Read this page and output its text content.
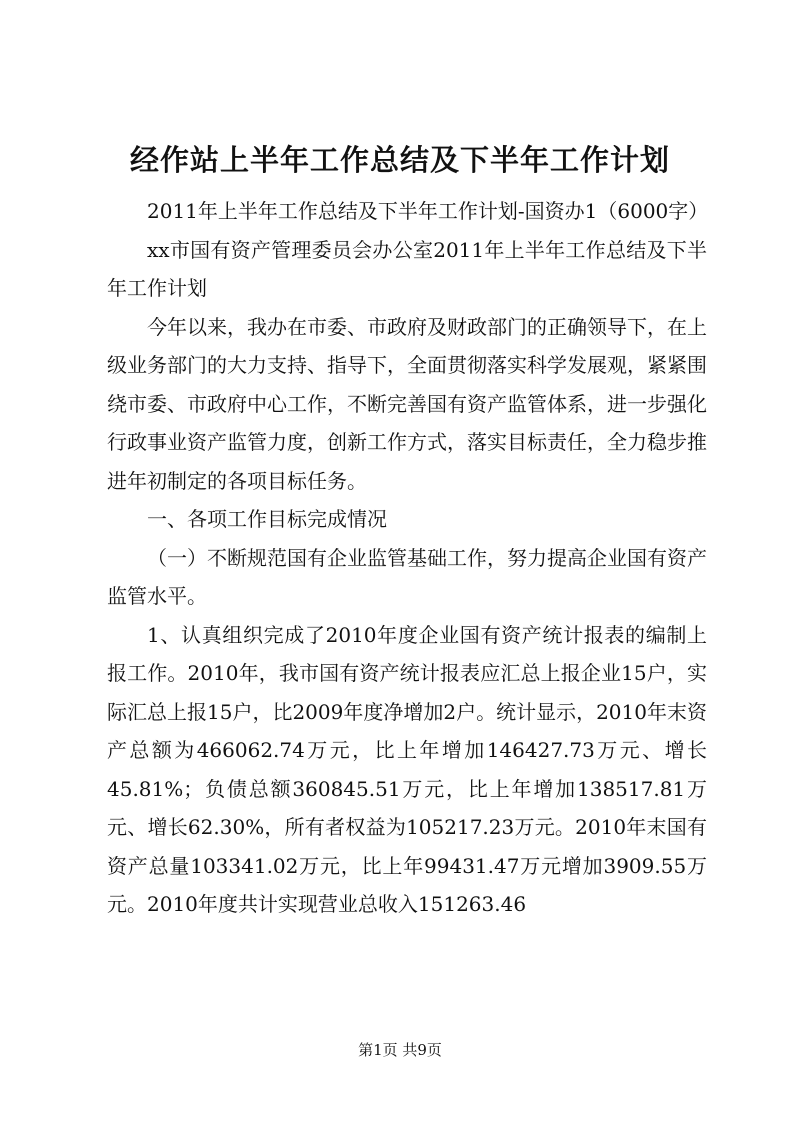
经作站上半年工作总结及下半年工作计划

2011年上半年工作总结及下半年工作计划-国资办1（6000字）

xx市国有资产管理委员会办公室2011年上半年工作总结及下半年工作计划

今年以来，我办在市委、市政府及财政部门的正确领导下，在上级业务部门的大力支持、指导下，全面贯彻落实科学发展观，紧紧围绕市委、市政府中心工作，不断完善国有资产监管体系，进一步强化行政事业资产监管力度，创新工作方式，落实目标责任，全力稳步推进年初制定的各项目标任务。

一、各项工作目标完成情况

（一）不断规范国有企业监管基础工作，努力提高企业国有资产监管水平。

1、认真组织完成了2010年度企业国有资产统计报表的编制上报工作。2010年，我市国有资产统计报表应汇总上报企业15户，实际汇总上报15户，比2009年度净增加2户。统计显示，2010年末资产总额为466062.74万元，比上年增加146427.73万元、增长45.81%；负债总额360845.51万元，比上年增加138517.81万元、增长62.30%，所有者权益为105217.23万元。2010年末国有资产总量103341.02万元，比上年99431.47万元增加3909.55万元。2010年度共计实现营业总收入151263.46

第1页 共9页
